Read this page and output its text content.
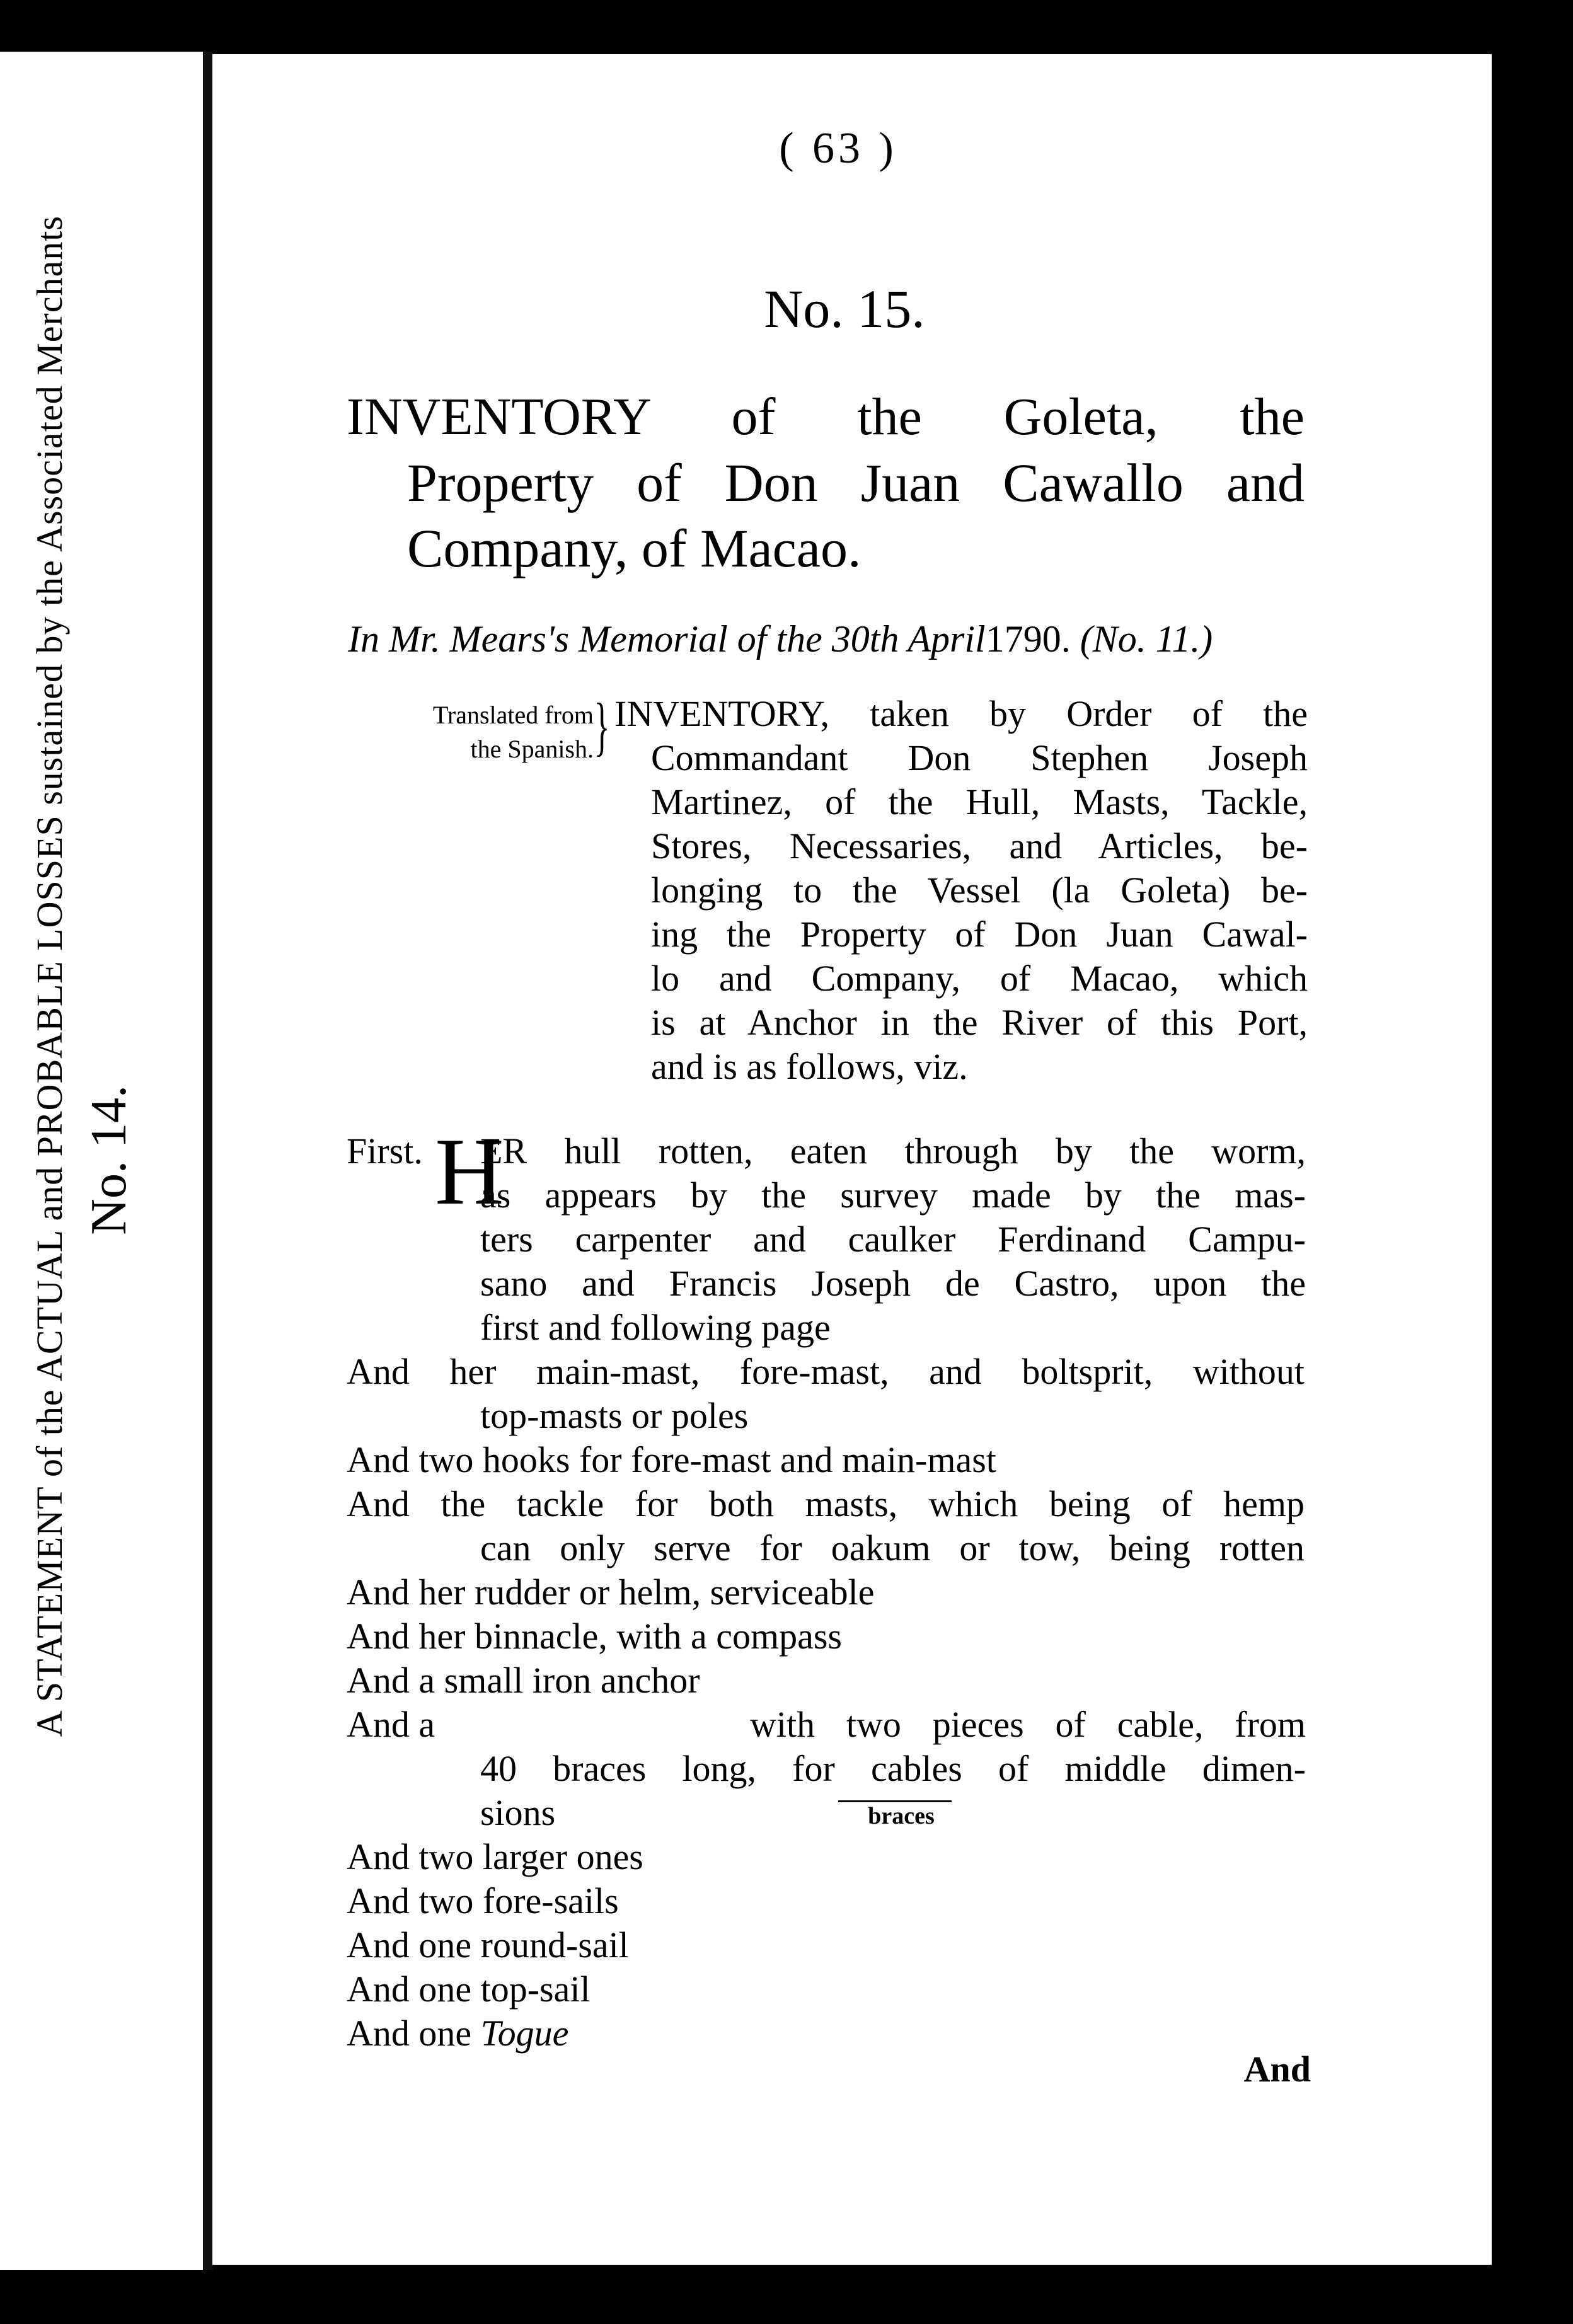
A STATEMENT of the ACTUAL and PROBABLE LOSSES sustained by the Associated Merchants No. 14.
( 63 )
No. 15.
INVENTORY of the Goleta, the
Property of Don Juan Cawallo and
Company, of Macao.
In Mr. Mears's Memorial of the 30th April1790. (No. 11.)
Translated from
the Spanish. } INVENTORY, taken by Order of the
Commandant Don Stephen Joseph
Martinez, of the Hull, Masts, Tackle,
Stores, Necessaries, and Articles, be-
longing to the Vessel (la Goleta) be-
ing the Property of Don Juan Cawal-
lo and Company, of Macao, which
is at Anchor in the River of this Port,
and is as follows, viz.
First. H
ER hull rotten, eaten through by the worm,
as appears by the survey made by the mas-
ters carpenter and caulker Ferdinand Campu-
sano and Francis Joseph de Castro, upon the
first and following page
And her main-mast, fore-mast, and boltsprit, without
top-masts or poles
And two hooks for fore-mast and main-mast
And the tackle for both masts, which being of hemp
can only serve for oakum or tow, being rotten
And her rudder or helm, serviceable
And her binnacle, with a compass
And a small iron anchor
And a	with two pieces of cable, from
40 braces long, for cables of middle dimen-
sions
And two larger ones
And two fore-sails
And one round-sail
And one top-sail
And one Togue
braces
And
